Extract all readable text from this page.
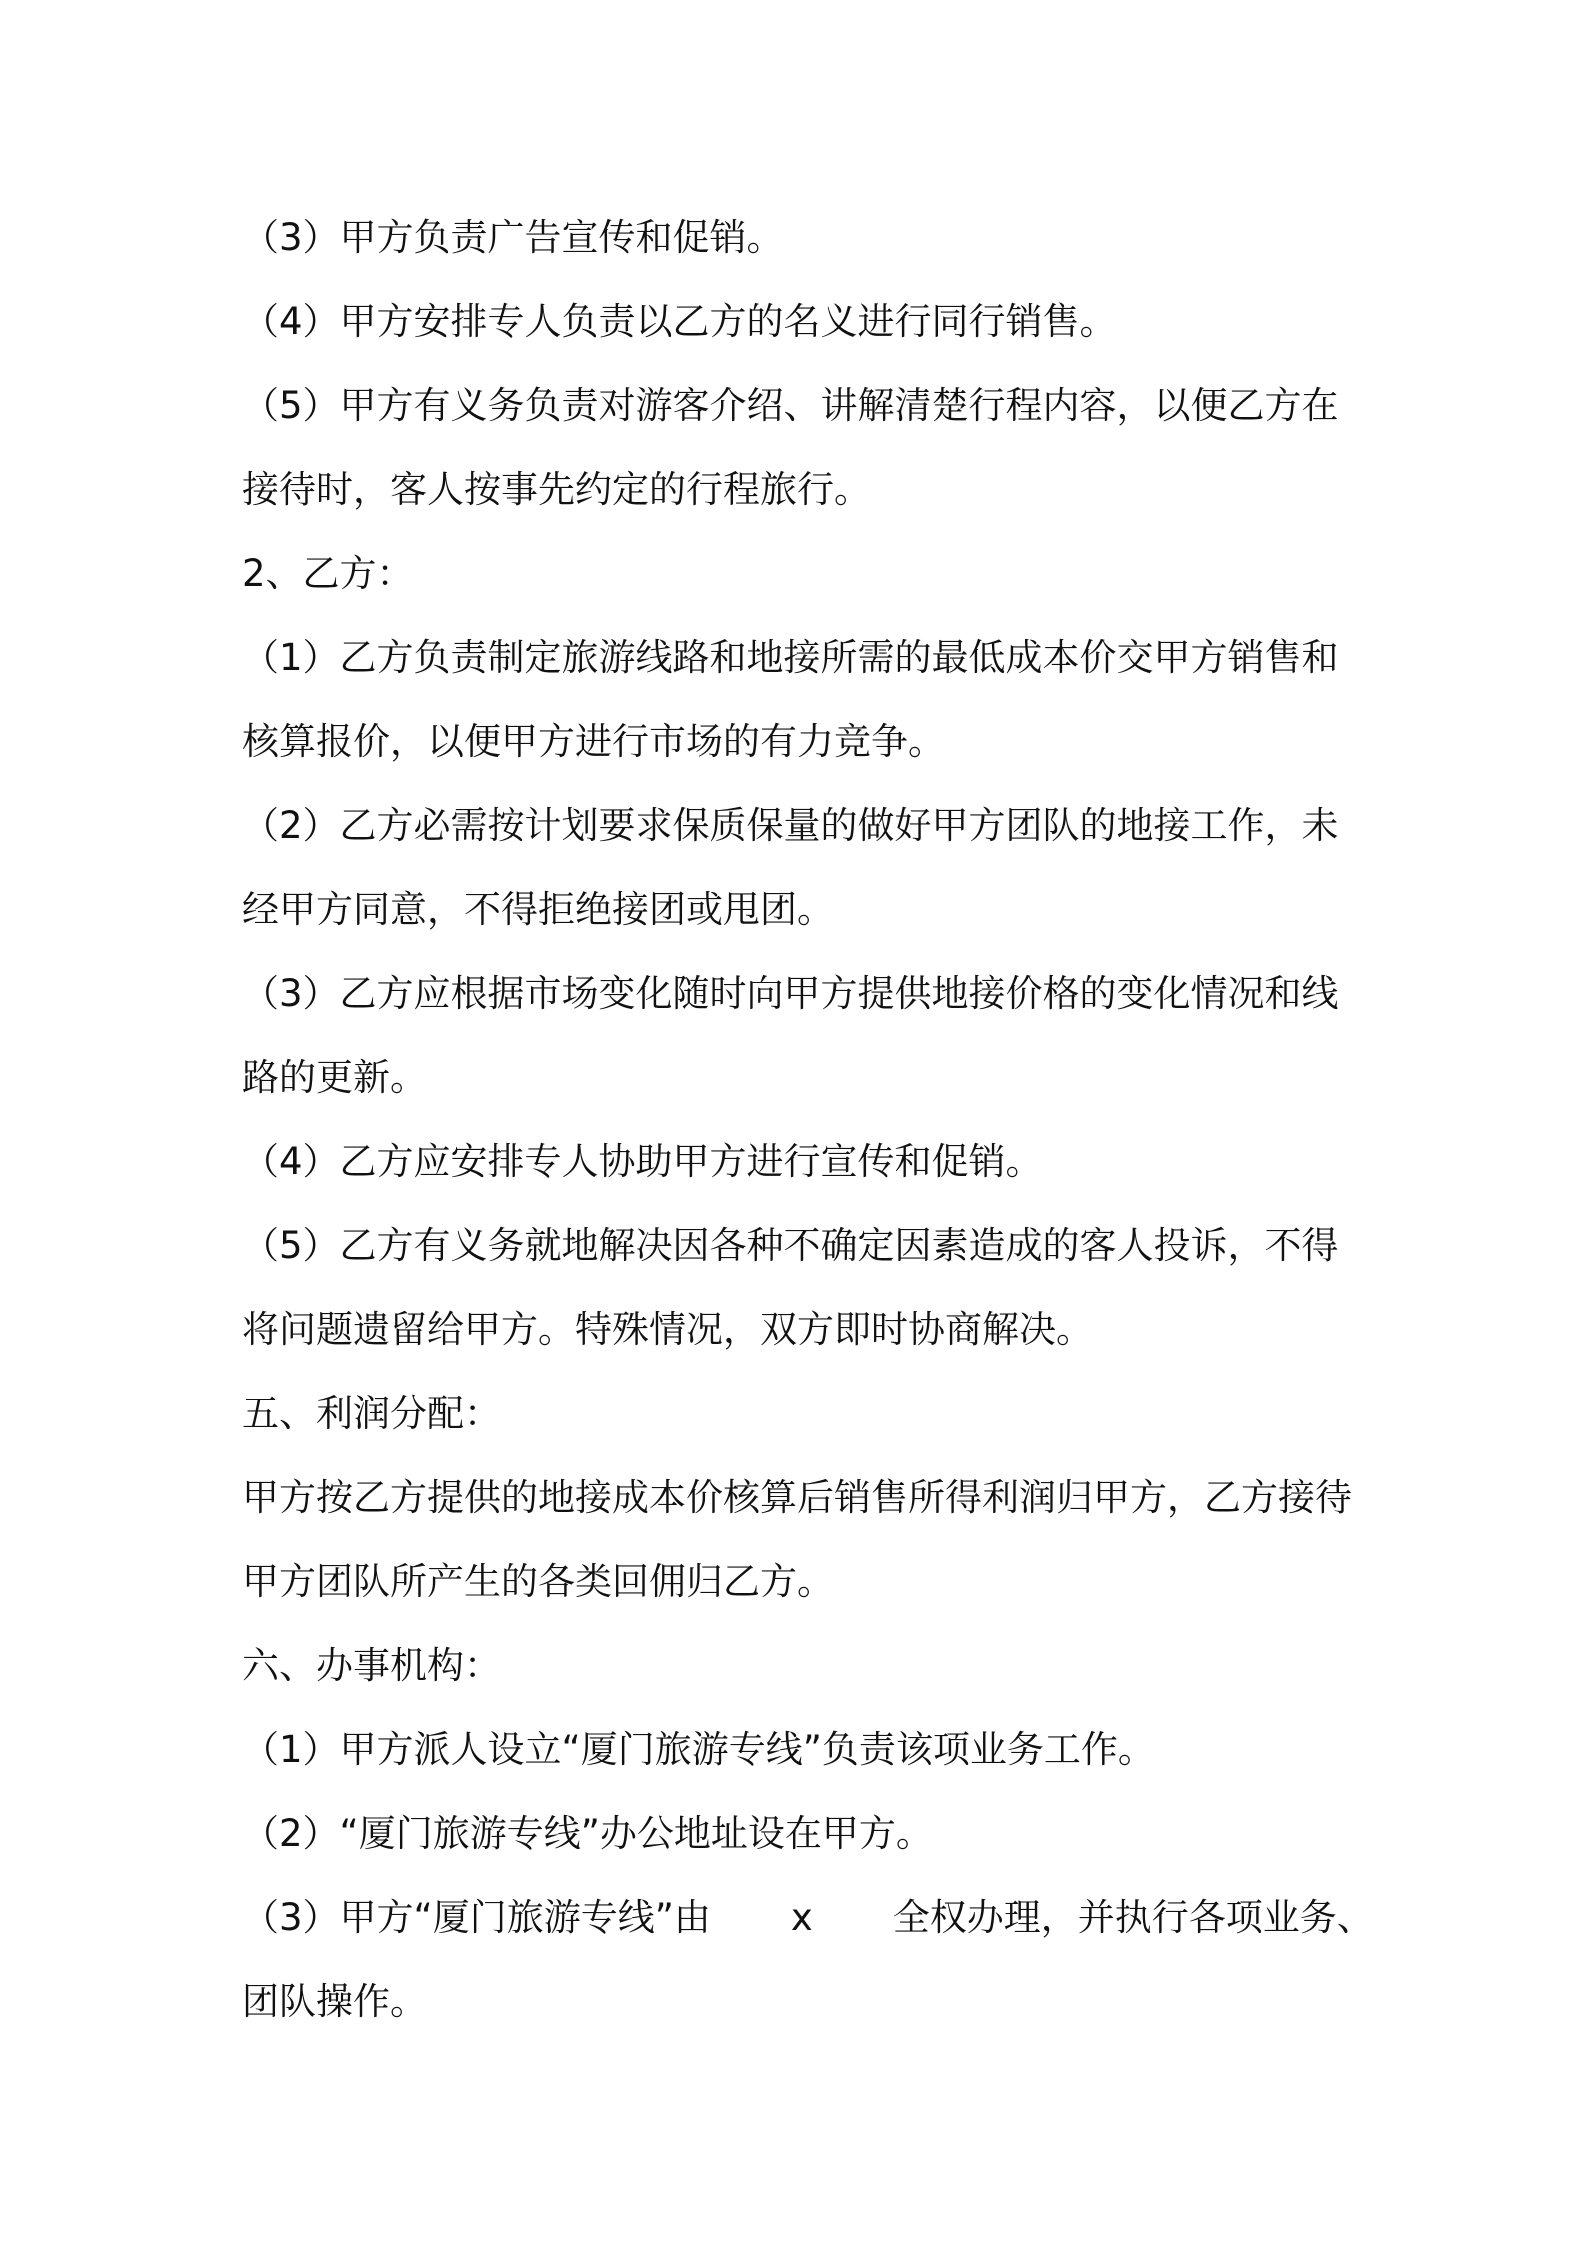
（3）甲方负责广告宣传和促销。

（4）甲方安排专人负责以乙方的名义进行同行销售。

（5）甲方有义务负责对游客介绍、讲解清楚行程内容，以便乙方在

接待时，客人按事先约定的行程旅行。

2、乙方：

（1）乙方负责制定旅游线路和地接所需的最低成本价交甲方销售和

核算报价，以便甲方进行市场的有力竞争。

（2）乙方必需按计划要求保质保量的做好甲方团队的地接工作，未

经甲方同意，不得拒绝接团或甩团。

（3）乙方应根据市场变化随时向甲方提供地接价格的变化情况和线

路的更新。

（4）乙方应安排专人协助甲方进行宣传和促销。

（5）乙方有义务就地解决因各种不确定因素造成的客人投诉，不得

将问题遗留给甲方。特殊情况，双方即时协商解决。

五、利润分配：

甲方按乙方提供的地接成本价核算后销售所得利润归甲方，乙方接待

甲方团队所产生的各类回佣归乙方。

六、办事机构：

（1）甲方派人设立“厦门旅游专线”负责该项业务工作。

（2）“厦门旅游专线”办公地址设在甲方。

（3）甲方“厦门旅游专线”由 x 全权办理，并执行各项业务、

团队操作。
